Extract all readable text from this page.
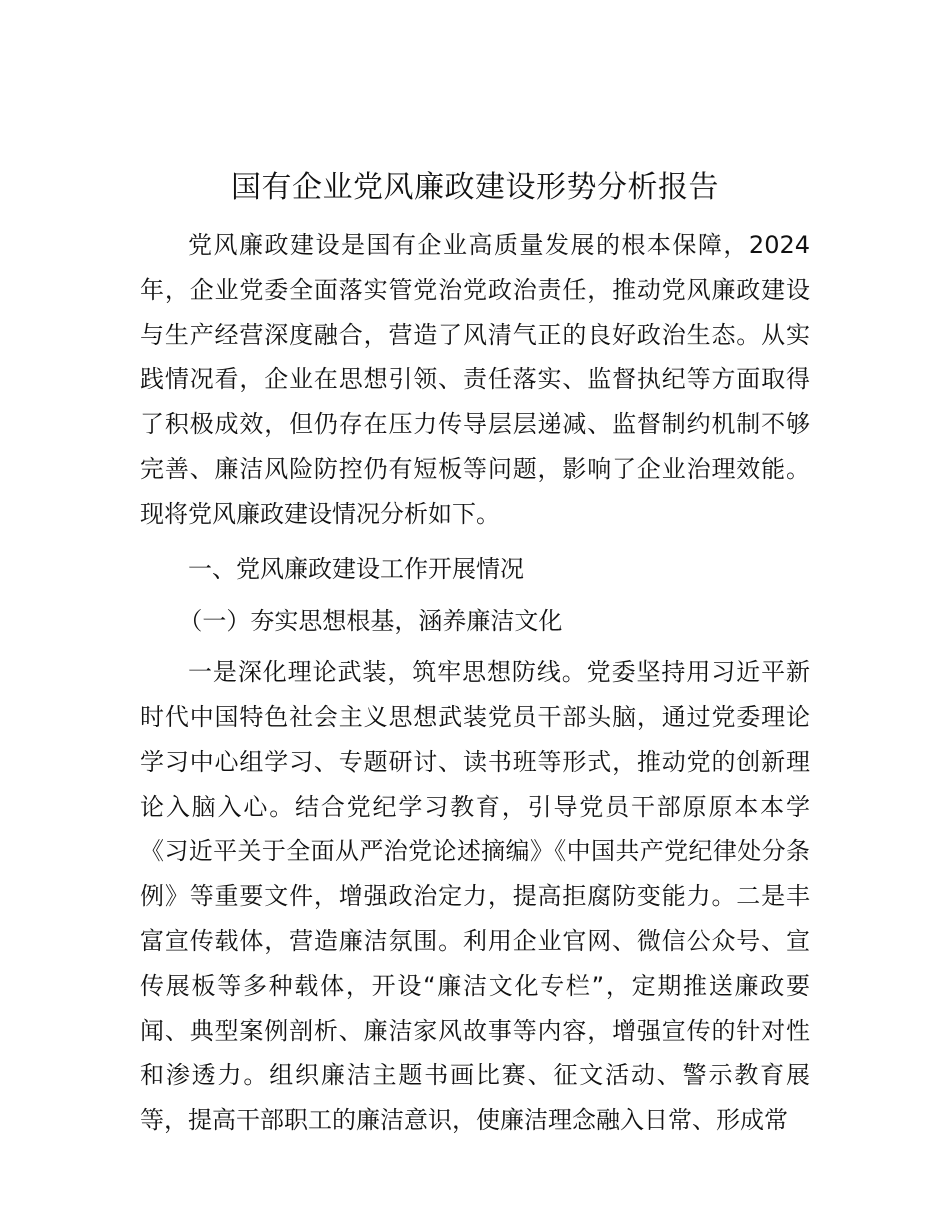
国有企业党风廉政建设形势分析报告

党风廉政建设是国有企业高质量发展的根本保障，2024年，企业党委全面落实管党治党政治责任，推动党风廉政建设与生产经营深度融合，营造了风清气正的良好政治生态。从实践情况看，企业在思想引领、责任落实、监督执纪等方面取得了积极成效，但仍存在压力传导层层递减、监督制约机制不够完善、廉洁风险防控仍有短板等问题，影响了企业治理效能。现将党风廉政建设情况分析如下。

一、党风廉政建设工作开展情况

（一）夯实思想根基，涵养廉洁文化

一是深化理论武装，筑牢思想防线。党委坚持用习近平新时代中国特色社会主义思想武装党员干部头脑，通过党委理论学习中心组学习、专题研讨、读书班等形式，推动党的创新理论入脑入心。结合党纪学习教育，引导党员干部原原本本学《习近平关于全面从严治党论述摘编》《中国共产党纪律处分条例》等重要文件，增强政治定力，提高拒腐防变能力。二是丰富宣传载体，营造廉洁氛围。利用企业官网、微信公众号、宣传展板等多种载体，开设“廉洁文化专栏”，定期推送廉政要闻、典型案例剖析、廉洁家风故事等内容，增强宣传的针对性和渗透力。组织廉洁主题书画比赛、征文活动、警示教育展等，提高干部职工的廉洁意识，使廉洁理念融入日常、形成常
